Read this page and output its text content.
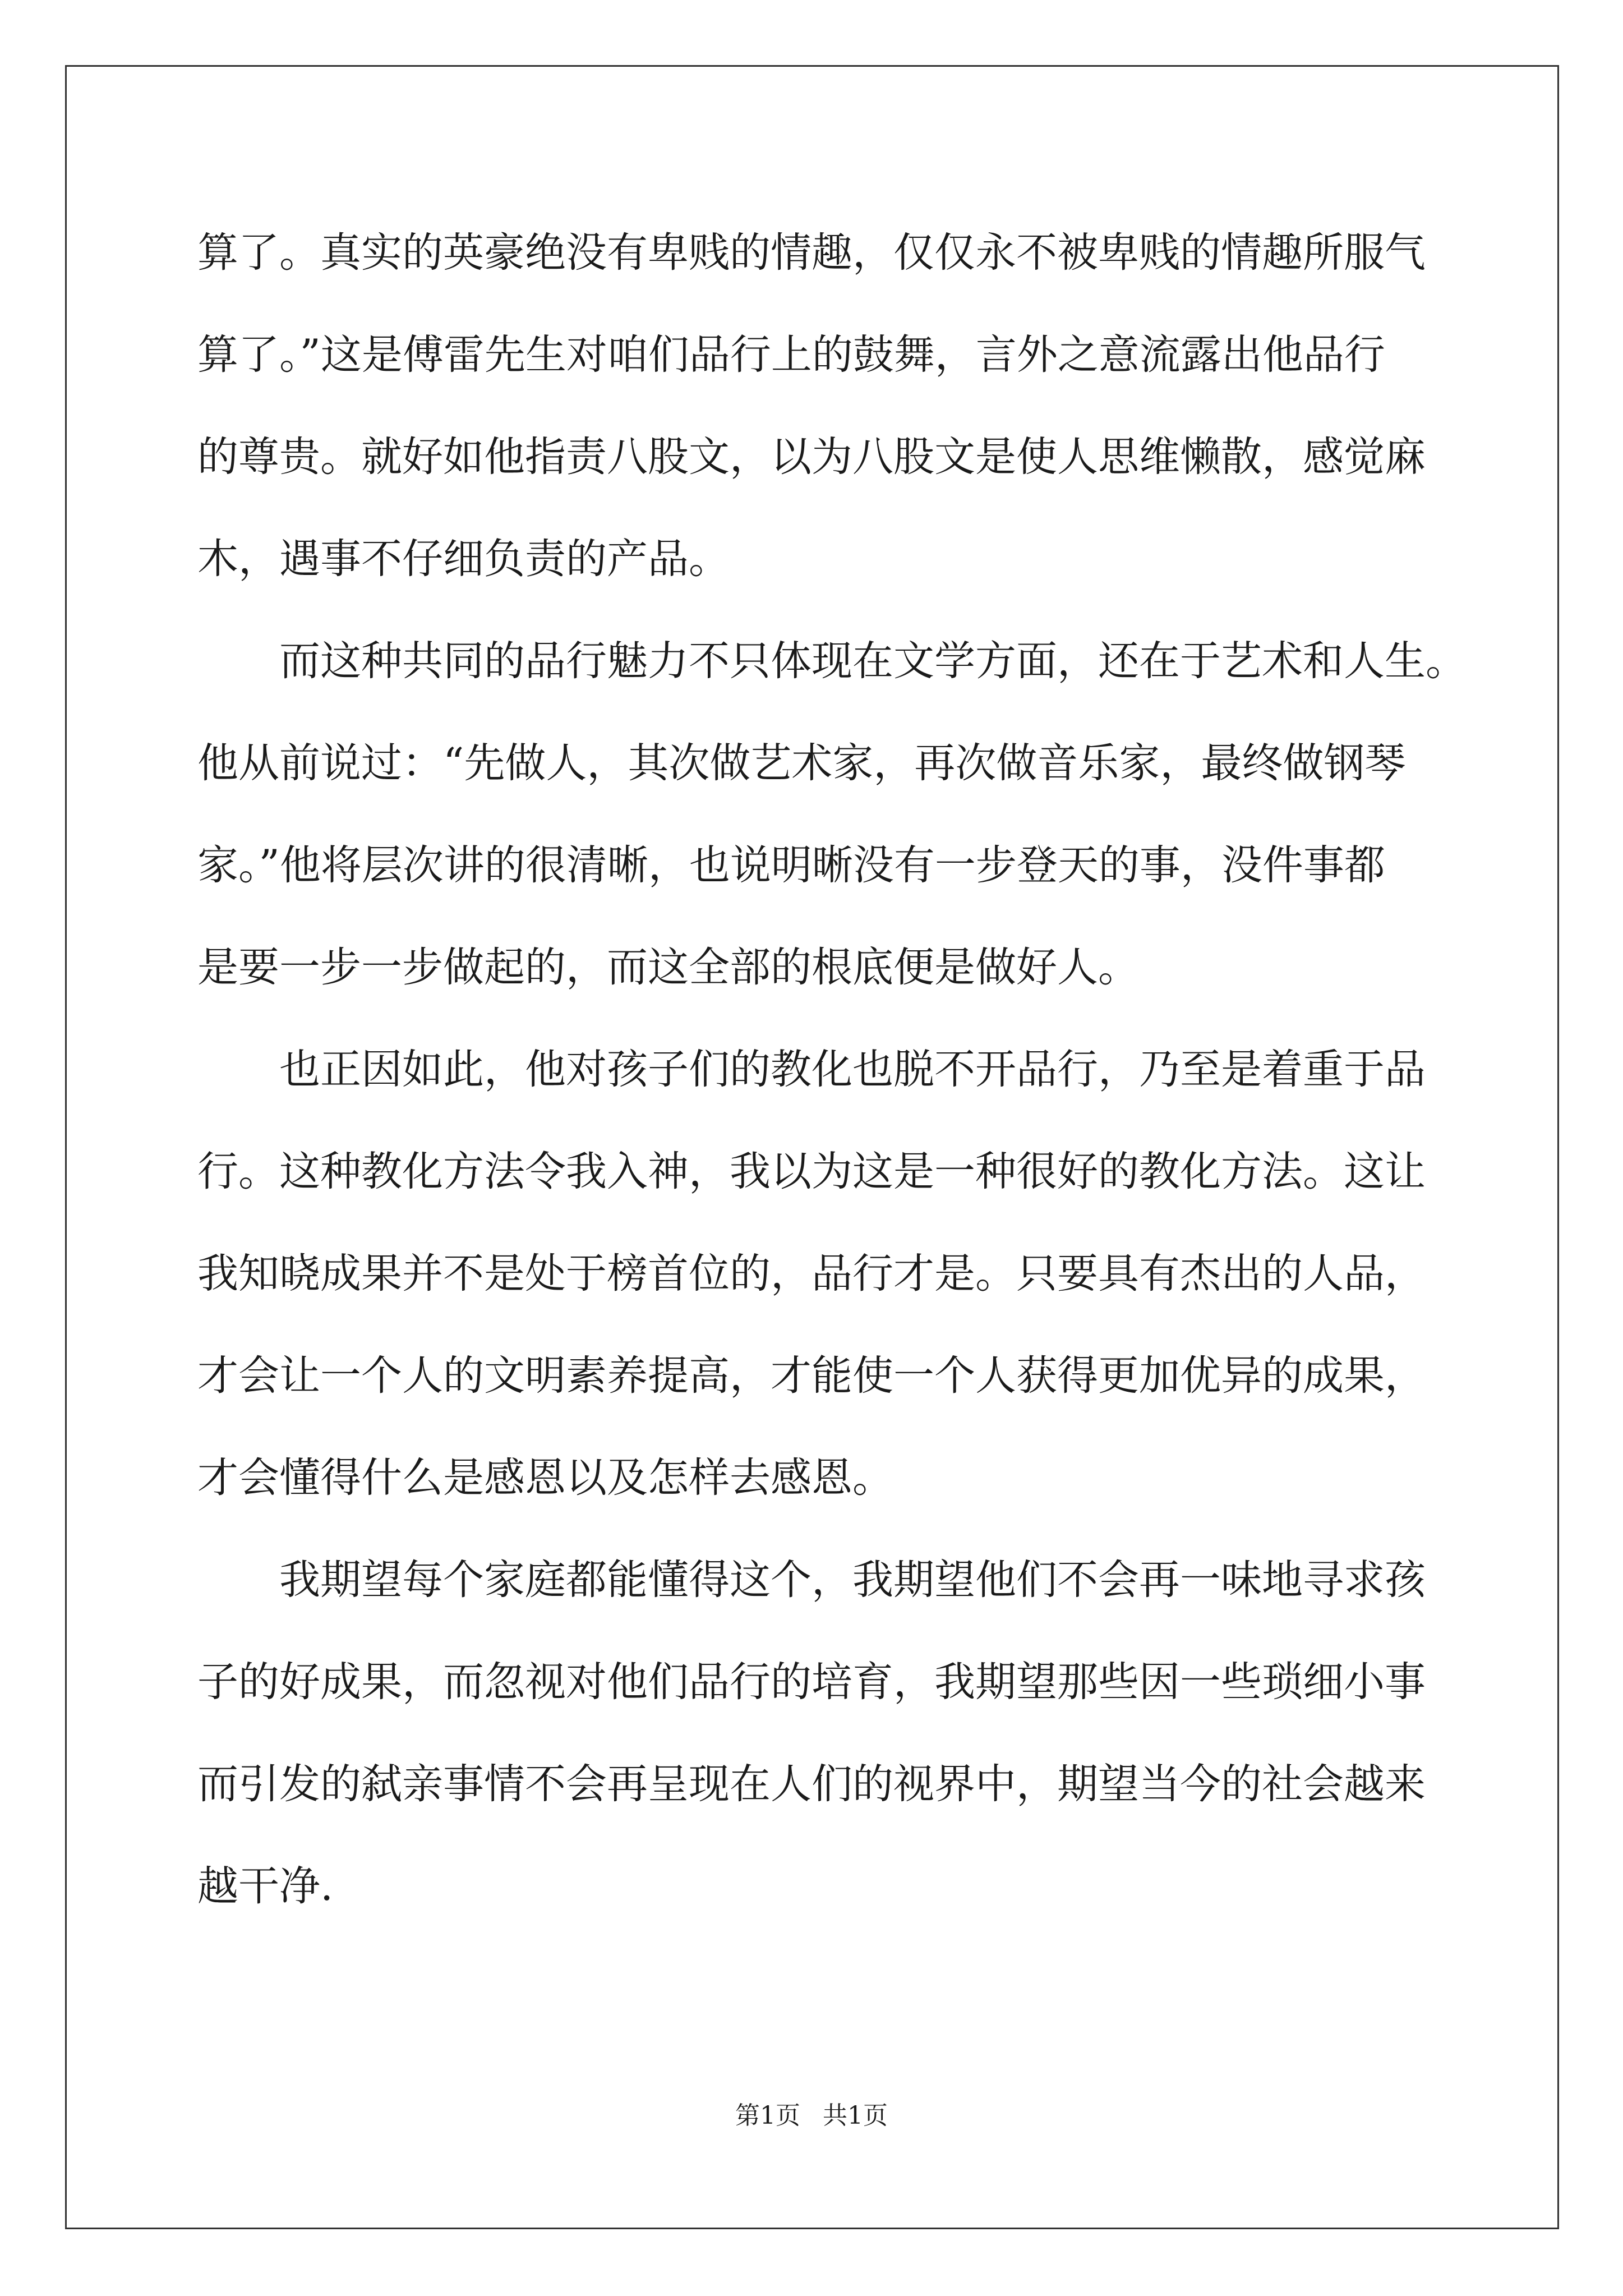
算了。真实的英豪绝没有卑贱的情趣，仅仅永不被卑贱的情趣所服气
算了。”这是傅雷先生对咱们品行上的鼓舞，言外之意流露出他品行
的尊贵。就好如他指责八股文，以为八股文是使人思维懒散，感觉麻
木，遇事不仔细负责的产品。
而这种共同的品行魅力不只体现在文学方面，还在于艺术和人生。
他从前说过：“先做人，其次做艺术家，再次做音乐家，最终做钢琴
家。”他将层次讲的很清晰，也说明晰没有一步登天的事，没件事都
是要一步一步做起的，而这全部的根底便是做好人。
也正因如此，他对孩子们的教化也脱不开品行，乃至是着重于品
行。这种教化方法令我入神，我以为这是一种很好的教化方法。这让
我知晓成果并不是处于榜首位的，品行才是。只要具有杰出的人品，
才会让一个人的文明素养提高，才能使一个人获得更加优异的成果，
才会懂得什么是感恩以及怎样去感恩。
我期望每个家庭都能懂得这个，我期望他们不会再一味地寻求孩
子的好成果，而忽视对他们品行的培育，我期望那些因一些琐细小事
而引发的弑亲事情不会再呈现在人们的视界中，期望当今的社会越来
越干净.
第1页 共1页
